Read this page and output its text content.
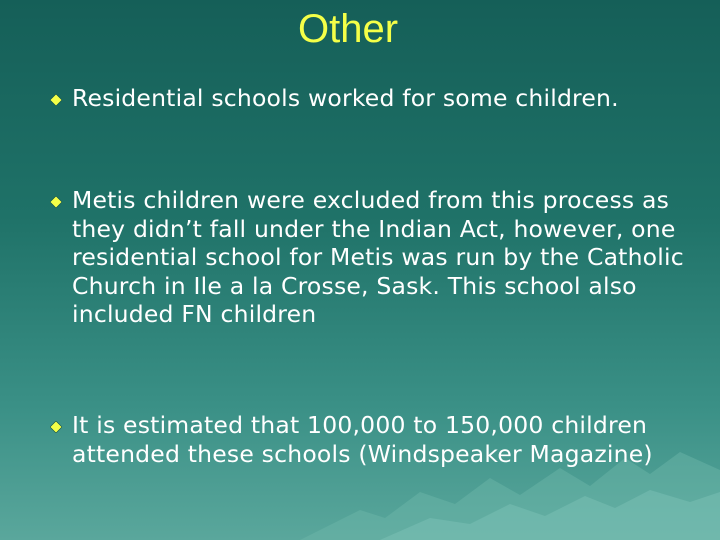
Other
Residential schools worked for some children.
Metis children were excluded from this process as they didn’t fall under the Indian Act, however, one residential school for Metis was run by the Catholic Church in Ile a la Crosse, Sask. This school also included FN children
It is estimated that 100,000 to 150,000 children attended these schools (Windspeaker Magazine)
